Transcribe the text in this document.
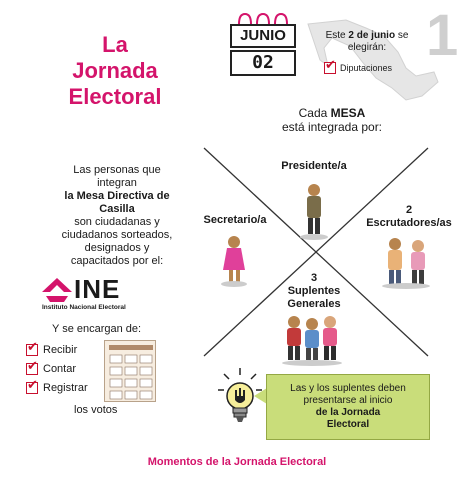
La
Jornada
Electoral
1
JUNIO
02
Este 2 de junio se
elegirán:
✔Diputaciones
Cada MESA
está integrada por:
Presidente/a
Secretario/a
2
Escrutadores/as
3
Suplentes
Generales
Las personas que
integran
la Mesa Directiva de
Casilla
son ciudadanas y
ciudadanos sorteados,
designados y
capacitados por el:
INE
Instituto Nacional Electoral
Y se encargan de:
✔Recibir
✔Contar
✔Registrar
los votos
Las y los suplentes deben
presentarse al inicio
de la Jornada
Electoral
Momentos de la Jornada Electoral
